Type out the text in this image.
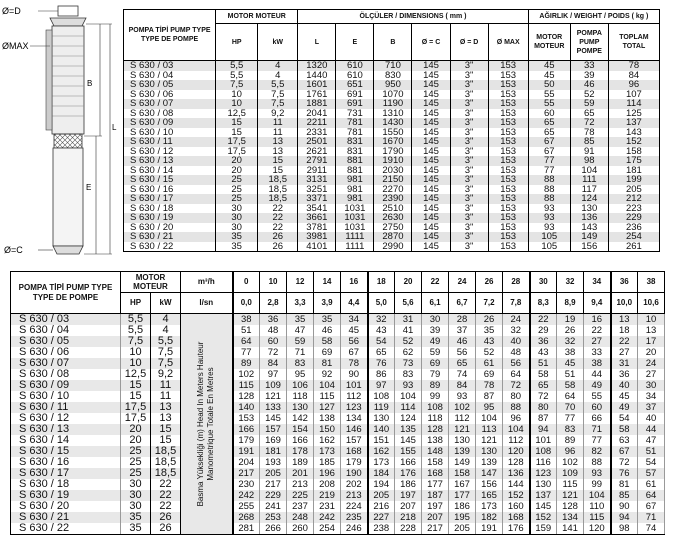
Ø=D
ØMAX
B
L
E
Ø=C
POMPA TİPİ PUMP TYPE TYPE DE POMPE	MOTOR MOTEUR		ÖLÇÜLER / DIMENSIONS ( mm )						AĞIRLIK / WEIGHT / POIDS ( kg )		
	HP	kW	L	E	B	Ø = C	Ø = D	Ø MAX	MOTOR MOTEUR	POMPA PUMP POMPE	TOPLAM TOTAL
S 630 / 03	5,5	4	1320	610	710	145	3"	153	45	33	78
S 630 / 04	5,5	4	1440	610	830	145	3"	153	45	39	84
S 630 / 05	7,5	5,5	1601	651	950	145	3"	153	50	46	96
S 630 / 06	10	7,5	1761	691	1070	145	3"	153	55	52	107
S 630 / 07	10	7,5	1881	691	1190	145	3"	153	55	59	114
S 630 / 08	12,5	9,2	2041	731	1310	145	3"	153	60	65	125
S 630 / 09	15	11	2211	781	1430	145	3"	153	65	72	137
S 630 / 10	15	11	2331	781	1550	145	3"	153	65	78	143
S 630 / 11	17,5	13	2501	831	1670	145	3"	153	67	85	152
S 630 / 12	17,5	13	2621	831	1790	145	3"	153	67	91	158
S 630 / 13	20	15	2791	881	1910	145	3"	153	77	98	175
S 630 / 14	20	15	2911	881	2030	145	3"	153	77	104	181
S 630 / 15	25	18,5	3131	981	2150	145	3"	153	88	111	199
S 630 / 16	25	18,5	3251	981	2270	145	3"	153	88	117	205
S 630 / 17	25	18,5	3371	981	2390	145	3"	153	88	124	212
S 630 / 18	30	22	3541	1031	2510	145	3"	153	93	130	223
S 630 / 19	30	22	3661	1031	2630	145	3"	153	93	136	229
S 630 / 20	30	22	3781	1031	2750	145	3"	153	93	143	236
S 630 / 21	35	26	3981	1111	2870	145	3"	153	105	149	254
S 630 / 22	35	26	4101	1111	2990	145	3"	153	105	156	261
POMPA TİPİ PUMP TYPE TYPE DE POMPE	MOTOR MOTEUR		m³/h	0	10	12	14	16	18	20	22	24	26	28	30	32	34	36	38
	HP	kW	l/sn	0,0	2,8	3,3	3,9	4,4	5,0	5,6	6,1	6,7	7,2	7,8	8,3	8,9	9,4	10,0	10,6
S 630 / 03	5,5	4	Basma Yüksekliği (m) Head In Meters Hauteur Manometrique Totale En Metres	38	36	35	35	34	32	31	30	28	26	24	22	19	16	13	10
S 630 / 04	5,5	4		51	48	47	46	45	43	41	39	37	35	32	29	26	22	18	13
S 630 / 05	7,5	5,5		64	60	59	58	56	54	52	49	46	43	40	36	32	27	22	17
S 630 / 06	10	7,5		77	72	71	69	67	65	62	59	56	52	48	43	38	33	27	20
S 630 / 07	10	7,5		89	84	83	81	78	76	73	69	65	61	56	51	45	38	31	24
S 630 / 08	12,5	9,2		102	97	95	92	90	86	83	79	74	69	64	58	51	44	36	27
S 630 / 09	15	11		115	109	106	104	101	97	93	89	84	78	72	65	58	49	40	30
S 630 / 10	15	11		128	121	118	115	112	108	104	99	93	87	80	72	64	55	45	34
S 630 / 11	17,5	13		140	133	130	127	123	119	114	108	102	95	88	80	70	60	49	37
S 630 / 12	17,5	13		153	145	142	138	134	130	124	118	112	104	96	87	77	66	54	40
S 630 / 13	20	15		166	157	154	150	146	140	135	128	121	113	104	94	83	71	58	44
S 630 / 14	20	15		179	169	166	162	157	151	145	138	130	121	112	101	89	77	63	47
S 630 / 15	25	18,5		191	181	178	173	168	162	155	148	139	130	120	108	96	82	67	51
S 630 / 16	25	18,5		204	193	189	185	179	173	166	158	149	139	128	116	102	88	72	54
S 630 / 17	25	18,5		217	205	201	196	190	184	176	168	158	147	136	123	109	93	76	57
S 630 / 18	30	22		230	217	213	208	202	194	186	177	167	156	144	130	115	99	81	61
S 630 / 19	30	22		242	229	225	219	213	205	197	187	177	165	152	137	121	104	85	64
S 630 / 20	30	22		255	241	237	231	224	216	207	197	186	173	160	145	128	110	90	67
S 630 / 21	35	26		268	253	248	242	235	227	218	207	195	182	168	152	134	115	94	71
S 630 / 22	35	26		281	266	260	254	246	238	228	217	205	191	176	159	141	120	98	74
